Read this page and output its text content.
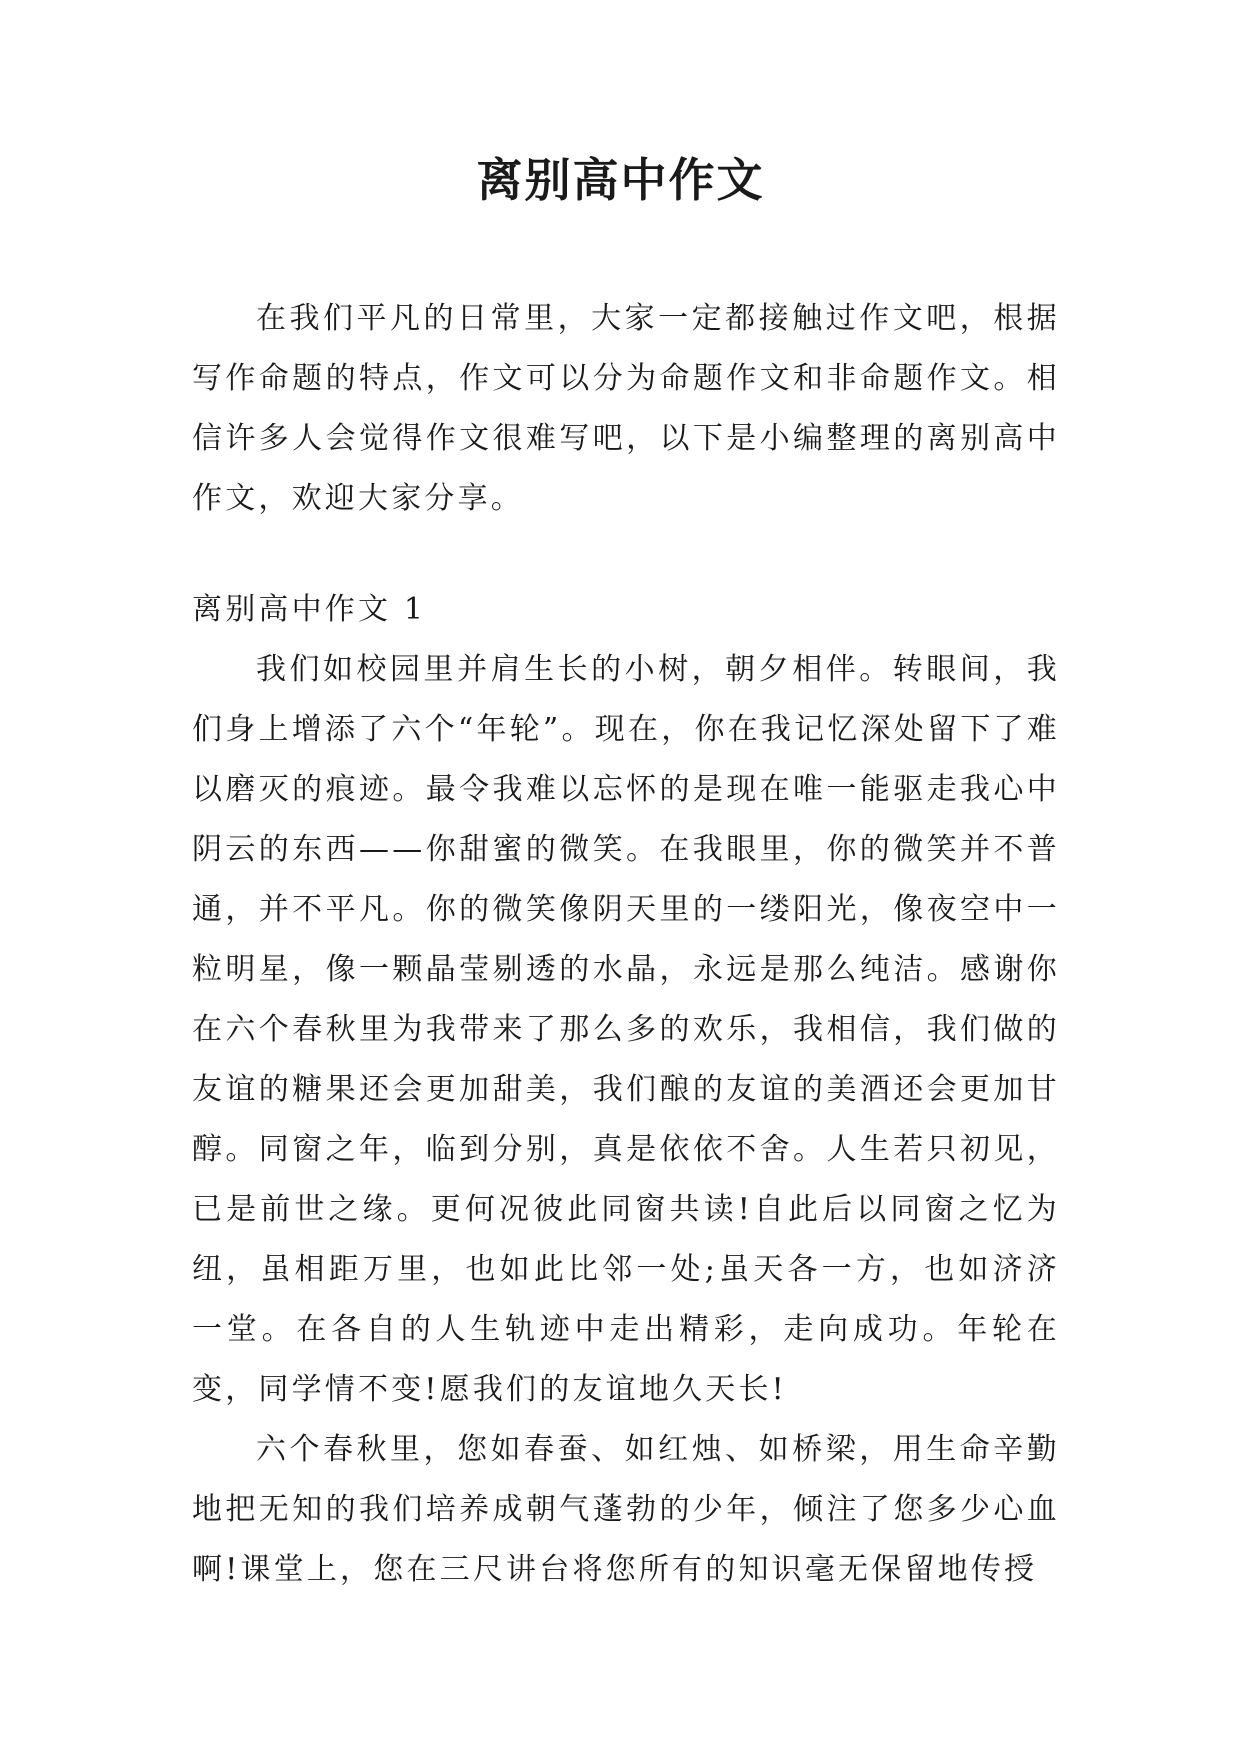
离别高中作文

在我们平凡的日常里，大家一定都接触过作文吧，根据写作命题的特点，作文可以分为命题作文和非命题作文。相信许多人会觉得作文很难写吧，以下是小编整理的离别高中作文，欢迎大家分享。

离别高中作文 1

我们如校园里并肩生长的小树，朝夕相伴。转眼间，我们身上增添了六个“年轮”。现在，你在我记忆深处留下了难以磨灭的痕迹。最令我难以忘怀的是现在唯一能驱走我心中阴云的东西——你甜蜜的微笑。在我眼里，你的微笑并不普通，并不平凡。你的微笑像阴天里的一缕阳光，像夜空中一粒明星，像一颗晶莹剔透的水晶，永远是那么纯洁。感谢你在六个春秋里为我带来了那么多的欢乐，我相信，我们做的友谊的糖果还会更加甜美，我们酿的友谊的美酒还会更加甘醇。同窗之年，临到分别，真是依依不舍。人生若只初见，已是前世之缘。更何况彼此同窗共读!自此后以同窗之忆为纽，虽相距万里，也如此比邻一处;虽天各一方，也如济济一堂。在各自的人生轨迹中走出精彩，走向成功。年轮在变，同学情不变!愿我们的友谊地久天长!

六个春秋里，您如春蚕、如红烛、如桥梁，用生命辛勤地把无知的我们培养成朝气蓬勃的少年，倾注了您多少心血啊!课堂上，您在三尺讲台将您所有的知识毫无保留地传授
